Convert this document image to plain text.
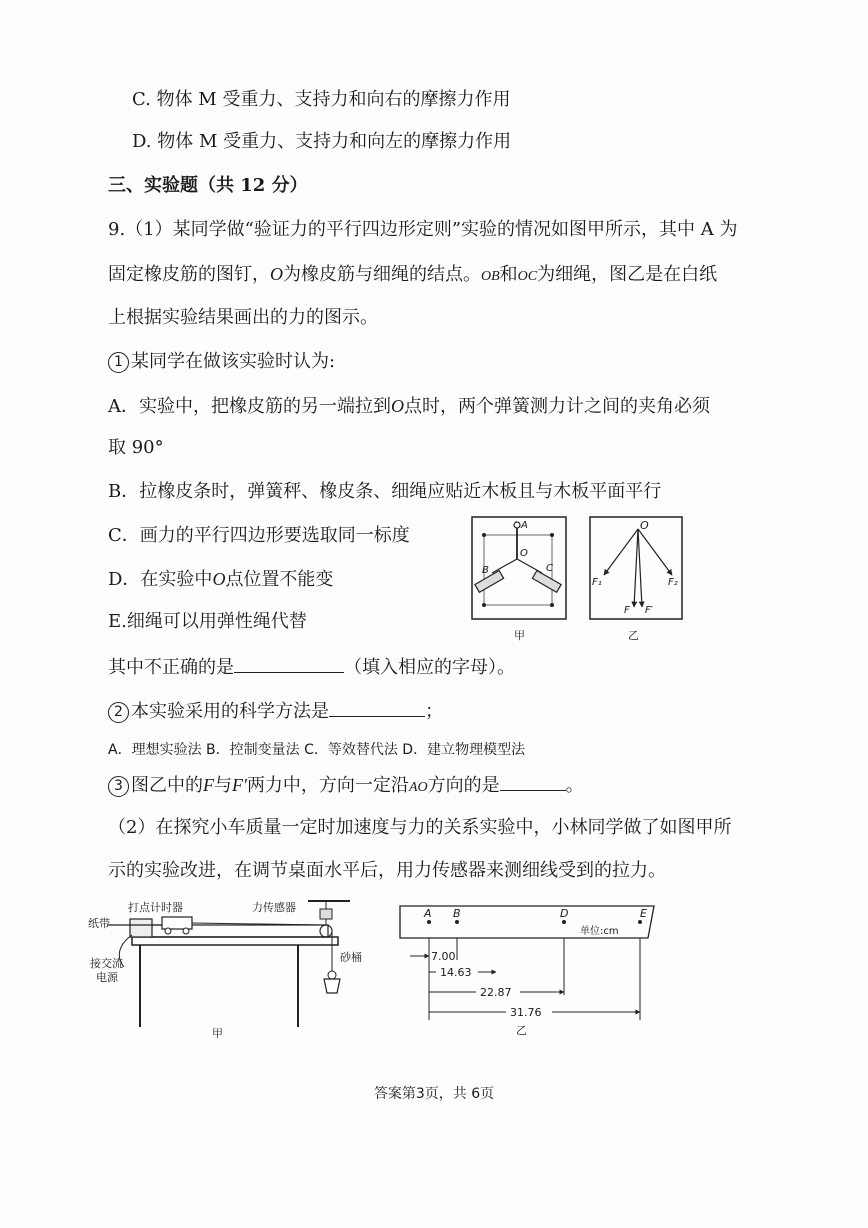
C. 物体 M 受重力、支持力和向右的摩擦力作用
D. 物体 M 受重力、支持力和向左的摩擦力作用
三、实验题（共 12 分）
9.（1）某同学做“验证力的平行四边形定则”实验的情况如图甲所示，其中 A 为
固定橡皮筋的图钉，O为橡皮筋与细绳的结点。OB和OC为细绳，图乙是在白纸
上根据实验结果画出的力的图示。
1 某同学在做该实验时认为:
A．实验中，把橡皮筋的另一端拉到O点时，两个弹簧测力计之间的夹角必须
取 90°
B．拉橡皮条时，弹簧秤、橡皮条、细绳应贴近木板且与木板平面平行
C．画力的平行四边形要选取同一标度
D．在实验中O点位置不能变
E.细绳可以用弹性绳代替
其中不正确的是	（填入相应的字母）。
2 本实验采用的科学方法是	；
A．理想实验法 B．控制变量法 C．等效替代法 D．建立物理模型法
3 图乙中的F与F′两力中，方向一定沿AO方向的是	。
（2）在探究小车质量一定时加速度与力的关系实验中，小林同学做了如图甲所
示的实验改进，在调节桌面水平后，用力传感器来测细线受到的拉力。
A
O
B	C
甲
O
F₁	F₂
F F′
乙
打点计时器
纸带
力传感器
砂桶
接交流
电源
甲
A B	D	E
单位:cm
7.00
14.63
22.87
31.76
乙
答案第3页，共 6页
